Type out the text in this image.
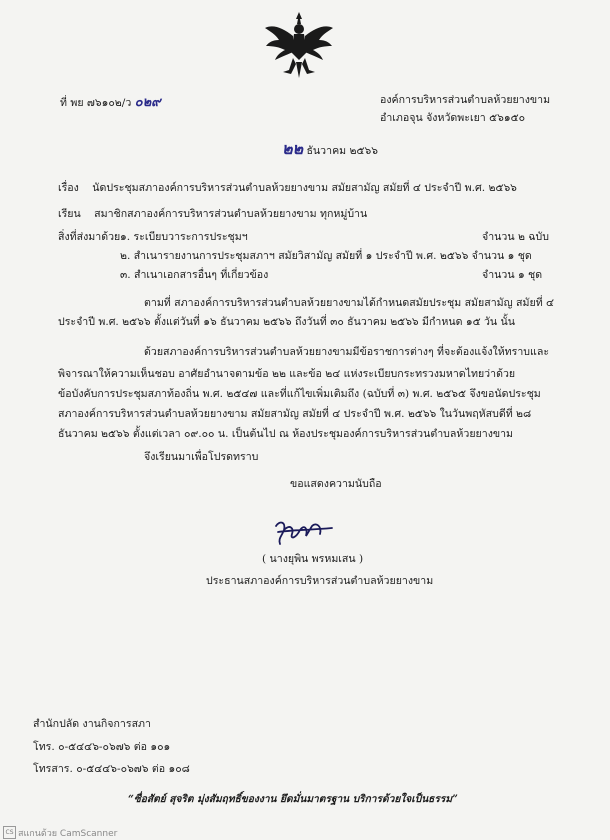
ที่ พย ๗๖๑๐๒/ว ๐๒๙	องค์การบริหารส่วนตำบลห้วยยางขาม
อำเภอจุน จังหวัดพะเยา ๕๖๑๕๐
๒๒ ธันวาคม ๒๕๖๖
เรื่อง นัดประชุมสภาองค์การบริหารส่วนตำบลห้วยยางขาม สมัยสามัญ สมัยที่ ๔ ประจำปี พ.ศ. ๒๕๖๖
เรียน สมาชิกสภาองค์การบริหารส่วนตำบลห้วยยางขาม ทุกหมู่บ้าน
สิ่งที่ส่งมาด้วย ๑. ระเบียบวาระการประชุมฯ	จำนวน ๒ ฉบับ
๒. สำเนารายงานการประชุมสภาฯ สมัยวิสามัญ สมัยที่ ๑ ประจำปี พ.ศ. ๒๕๖๖ จำนวน ๑ ชุด
๓. สำเนาเอกสารอื่นๆ ที่เกี่ยวข้อง	จำนวน ๑ ชุด
ตามที่ สภาองค์การบริหารส่วนตำบลห้วยยางขามได้กำหนดสมัยประชุม สมัยสามัญ สมัยที่ ๔
ประจำปี พ.ศ. ๒๕๖๖ ตั้งแต่วันที่ ๑๖ ธันวาคม ๒๕๖๖ ถึงวันที่ ๓๐ ธันวาคม ๒๕๖๖ มีกำหนด ๑๕ วัน นั้น
ด้วยสภาองค์การบริหารส่วนตำบลห้วยยางขามมีข้อราชการต่างๆ ที่จะต้องแจ้งให้ทราบและ
พิจารณาให้ความเห็นชอบ อาศัยอำนาจตามข้อ ๒๒ และข้อ ๒๔ แห่งระเบียบกระทรวงมหาดไทยว่าด้วย
ข้อบังคับการประชุมสภาท้องถิ่น พ.ศ. ๒๕๔๗ และที่แก้ไขเพิ่มเติมถึง (ฉบับที่ ๓) พ.ศ. ๒๕๖๕ จึงขอนัดประชุม
สภาองค์การบริหารส่วนตำบลห้วยยางขาม สมัยสามัญ สมัยที่ ๔ ประจำปี พ.ศ. ๒๕๖๖ ในวันพฤหัสบดีที่ ๒๘
ธันวาคม ๒๕๖๖ ตั้งแต่เวลา ๐๙.๐๐ น. เป็นต้นไป ณ ห้องประชุมองค์การบริหารส่วนตำบลห้วยยางขาม
จึงเรียนมาเพื่อโปรดทราบ
ขอแสดงความนับถือ
( นางยุพิน พรหมเสน )
ประธานสภาองค์การบริหารส่วนตำบลห้วยยางขาม
สำนักปลัด งานกิจการสภา
โทร. ๐-๕๔๔๖-๐๖๗๖ ต่อ ๑๐๑
โทรสาร. ๐-๕๔๔๖-๐๖๗๖ ต่อ ๑๐๘
“ซื่อสัตย์ สุจริต มุ่งสัมฤทธิ์ของงาน ยึดมั่นมาตรฐาน บริการด้วยใจเป็นธรรม”
CS สแกนด้วย CamScanner
